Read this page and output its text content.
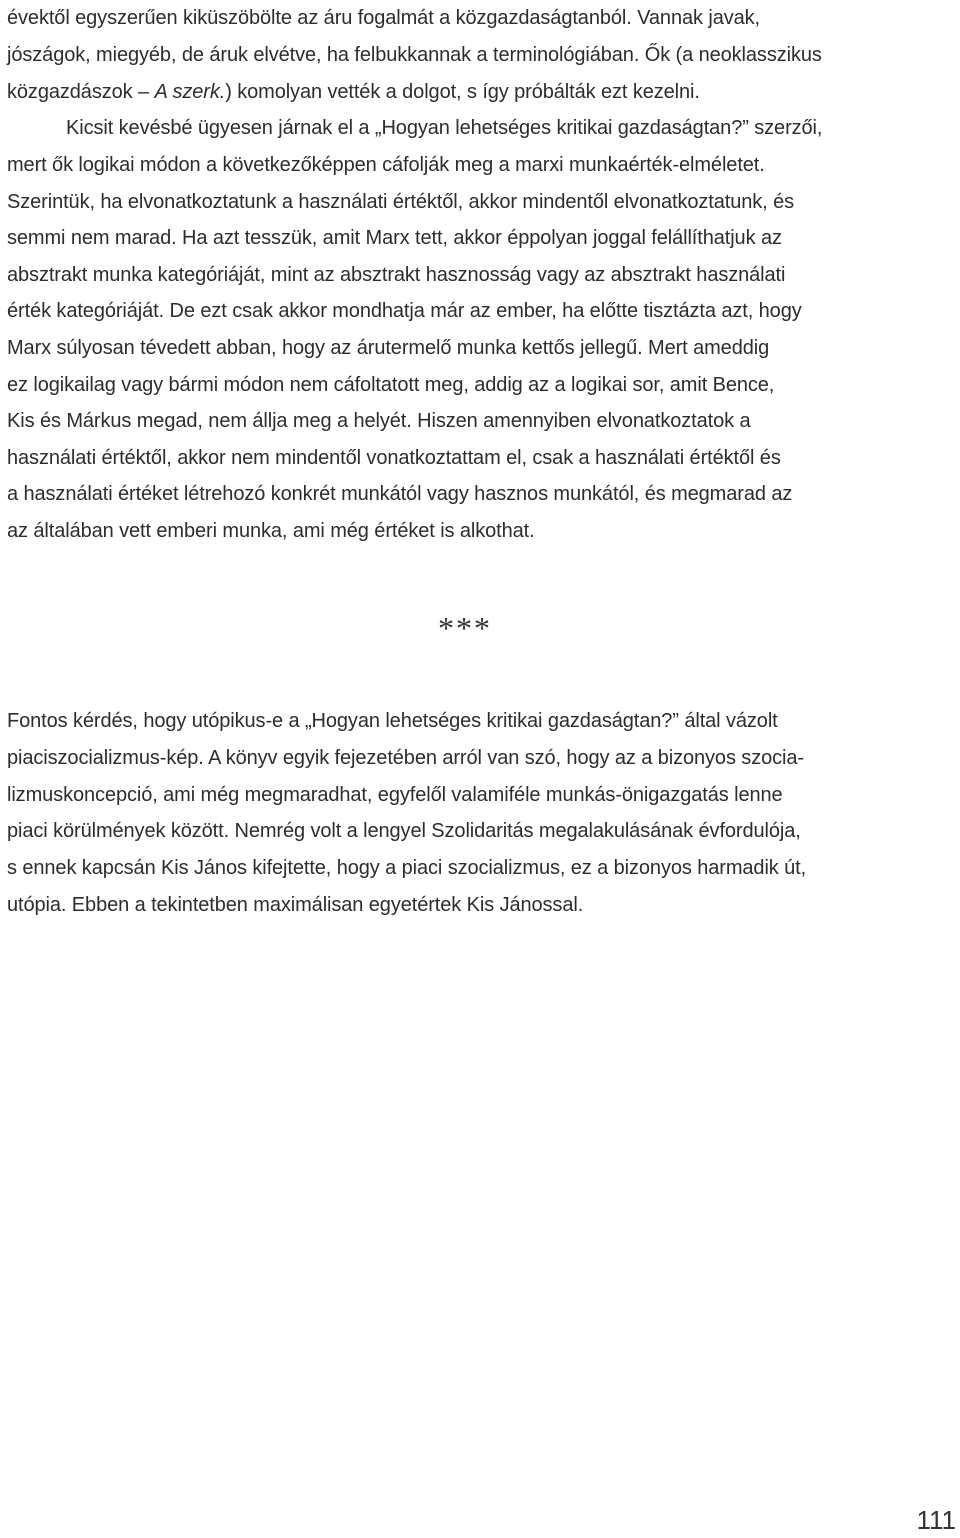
évektől egyszerűen kiküszöbölte az áru fogalmát a közgazdaságtanból. Vannak javak,
jószágok, miegyéb, de áruk elvétve, ha felbukkannak a terminológiában. Ők (a neoklasszikus
közgazdászok – A szerk.) komolyan vették a dolgot, s így próbálták ezt kezelni.
Kicsit kevésbé ügyesen járnak el a „Hogyan lehetséges kritikai gazdaságtan?” szerzői,
mert ők logikai módon a következőképpen cáfolják meg a marxi munkaérték-elméletet.
Szerintük, ha elvonatkoztatunk a használati értéktől, akkor mindentől elvonatkoztatunk, és
semmi nem marad. Ha azt tesszük, amit Marx tett, akkor éppolyan joggal felállíthatjuk az
absztrakt munka kategóriáját, mint az absztrakt hasznosság vagy az absztrakt használati
érték kategóriáját. De ezt csak akkor mondhatja már az ember, ha előtte tisztázta azt, hogy
Marx súlyosan tévedett abban, hogy az árutermelő munka kettős jellegű. Mert ameddig
ez logikailag vagy bármi módon nem cáfoltatott meg, addig az a logikai sor, amit Bence,
Kis és Márkus megad, nem állja meg a helyét. Hiszen amennyiben elvonatkoztatok a
használati értéktől, akkor nem mindentől vonatkoztattam el, csak a használati értéktől és
a használati értéket létrehozó konkrét munkától vagy hasznos munkától, és megmarad az
az általában vett emberi munka, ami még értéket is alkothat.
***
Fontos kérdés, hogy utópikus-e a „Hogyan lehetséges kritikai gazdaságtan?” által vázolt
piaciszocializmus-kép. A könyv egyik fejezetében arról van szó, hogy az a bizonyos szocia-
lizmuskoncepció, ami még megmaradhat, egyfelől valamiféle munkás-önigazgatás lenne
piaci körülmények között. Nemrég volt a lengyel Szolidaritás megalakulásának évfordulója,
s ennek kapcsán Kis János kifejtette, hogy a piaci szocializmus, ez a bizonyos harmadik út,
utópia. Ebben a tekintetben maximálisan egyetértek Kis Jánossal.
111
